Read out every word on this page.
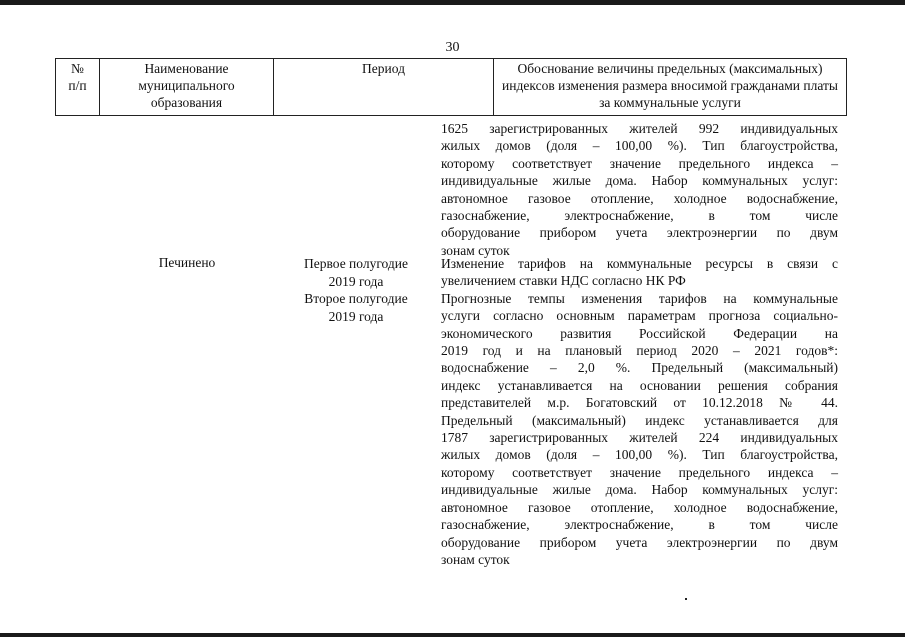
30
№
п/п
Наименование
муниципального
образования
Период	Обоснование величины предельных (максимальных)
индексов изменения размера вносимой гражданами платы
за коммунальные услуги
1625 зарегистрированных жителей 992 индивидуальных
жилых домов (доля – 100,00 %). Тип благоустройства,
которому соответствует значение предельного индекса –
индивидуальные жилые дома. Набор коммунальных услуг:
автономное газовое отопление, холодное водоснабжение,
газоснабжение, электроснабжение, в том числе
оборудование прибором учета электроэнергии по двум
зонам суток
Печинено	Первое полугодие
2019 года
Второе полугодие
2019 года
Изменение тарифов на коммунальные ресурсы в связи с
увеличением ставки НДС согласно НК РФ
Прогнозные темпы изменения тарифов на коммунальные
услуги согласно основным параметрам прогноза социально-
экономического развития Российской Федерации на
2019 год и на плановый период 2020 – 2021 годов*:
водоснабжение – 2,0 %. Предельный (максимальный)
индекс устанавливается на основании решения собрания
представителей м.р. Богатовский от 10.12.2018 № 44.
Предельный (максимальный) индекс устанавливается для
1787 зарегистрированных жителей 224 индивидуальных
жилых домов (доля – 100,00 %). Тип благоустройства,
которому соответствует значение предельного индекса –
индивидуальные жилые дома. Набор коммунальных услуг:
автономное газовое отопление, холодное водоснабжение,
газоснабжение, электроснабжение, в том числе
оборудование прибором учета электроэнергии по двум
зонам суток
